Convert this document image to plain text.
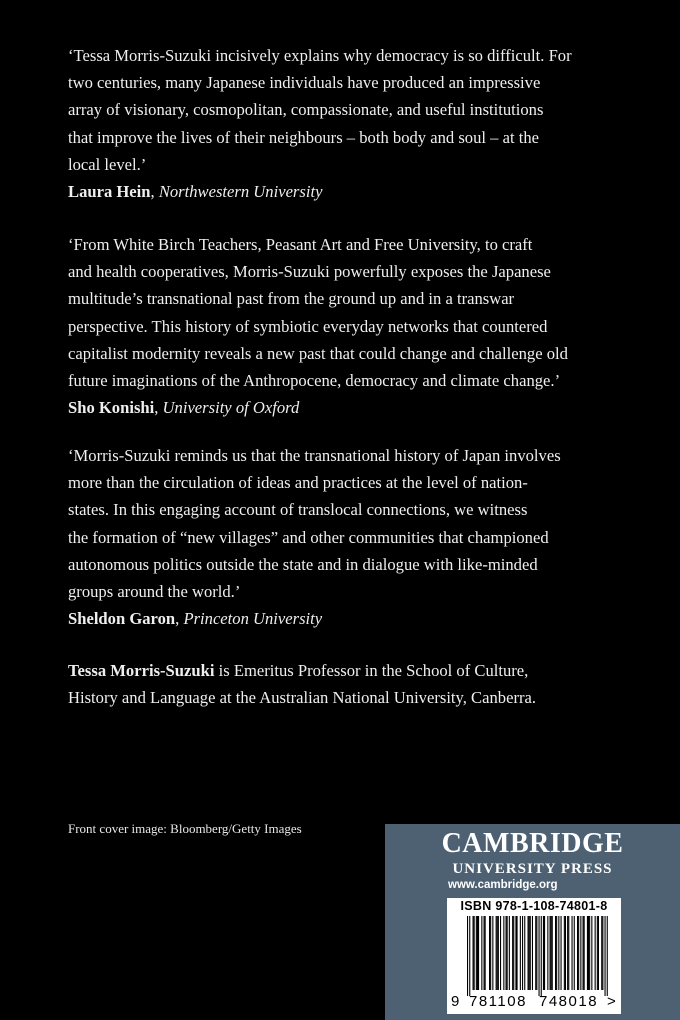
‘Tessa Morris-Suzuki incisively explains why democracy is so difficult. For

two centuries, many Japanese individuals have produced an impressive

array of visionary, cosmopolitan, compassionate, and useful institutions

that improve the lives of their neighbours – both body and soul – at the

local level.’

Laura Hein, Northwestern University

‘From White Birch Teachers, Peasant Art and Free University, to craft

and health cooperatives, Morris-Suzuki powerfully exposes the Japanese

multitude’s transnational past from the ground up and in a transwar

perspective. This history of symbiotic everyday networks that countered

capitalist modernity reveals a new past that could change and challenge old

future imaginations of the Anthropocene, democracy and climate change.’

Sho Konishi, University of Oxford

‘Morris-Suzuki reminds us that the transnational history of Japan involves

more than the circulation of ideas and practices at the level of nation-

states. In this engaging account of translocal connections, we witness

the formation of “new villages” and other communities that championed

autonomous politics outside the state and in dialogue with like-minded

groups around the world.’

Sheldon Garon, Princeton University

Tessa Morris-Suzuki is Emeritus Professor in the School of Culture,

History and Language at the Australian National University, Canberra.

Front cover image: Bloomberg/Getty Images	CAMBRIDGE
UNIVERSITY PRESS
www.cambridge.org
ISBN 978-1-108-74801-8
9 781108 748018 >
